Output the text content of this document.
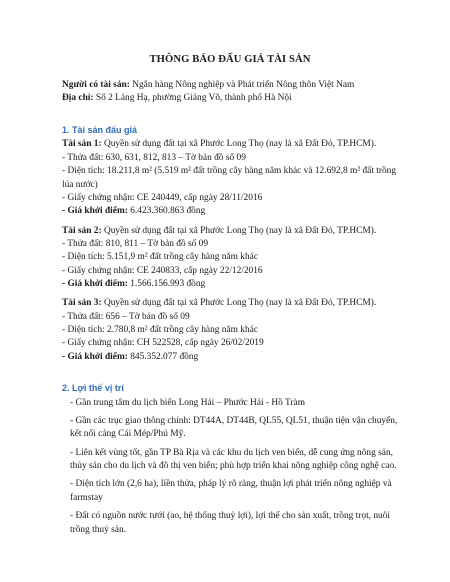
THÔNG BÁO ĐẤU GIÁ TÀI SẢN

Người có tài sản: Ngân hàng Nông nghiệp và Phát triển Nông thôn Việt Nam

Địa chỉ: Số 2 Láng Hạ, phường Giảng Võ, thành phố Hà Nội

1. Tài sản đấu giá

Tài sản 1: Quyền sử dụng đất tại xã Phước Long Thọ (nay là xã Đất Đỏ, TP.HCM).

- Thửa đất: 630, 631, 812, 813 – Tờ bản đồ số 09

- Diện tích: 18.211,8 m² (5.519 m² đất trồng cây hàng năm khác và 12.692,8 m² đất trồng lúa nước)

- Giấy chứng nhận: CE 240449, cấp ngày 28/11/2016

- Giá khởi điểm: 6.423.360.863 đồng

Tài sản 2: Quyền sử dụng đất tại xã Phước Long Thọ (nay là xã Đất Đỏ, TP.HCM).

- Thửa đất: 810, 811 – Tờ bản đồ số 09

- Diện tích: 5.151,9 m² đất trồng cây hàng năm khác

- Giấy chứng nhận: CE 240833, cấp ngày 22/12/2016

- Giá khởi điểm: 1.566.156.993 đồng

Tài sản 3: Quyền sử dụng đất tại xã Phước Long Thọ (nay là xã Đất Đỏ, TP.HCM).

- Thửa đất: 656 – Tờ bản đồ số 09

- Diện tích: 2.780,8 m² đất trồng cây hàng năm khác

- Giấy chứng nhận: CH 522528, cấp ngày 26/02/2019

- Giá khởi điểm: 845.352.077 đồng

2. Lợi thế vị trí

- Gần trung tâm du lịch biển Long Hải – Phước Hải - Hồ Tràm

- Gần các trục giao thông chính: DT44A, DT44B, QL55, QL51, thuận tiện vận chuyển, kết nối cảng Cái Mép/Phú Mỹ.

- Liên kết vùng tốt, gần TP Bà Rịa và các khu du lịch ven biển, dễ cung ứng nông sản, thủy sản cho du lịch và đô thị ven biển; phù hợp triển khai nông nghiệp công nghệ cao.

- Diện tích lớn (2,6 ha), liền thửa, pháp lý rõ ràng, thuận lợi phát triển nông nghiệp và farmstay

- Đất có nguồn nước tưới (ao, hệ thống thuỷ lợi), lợi thế cho sản xuất, trồng trọt, nuôi trồng thuỷ sản.
